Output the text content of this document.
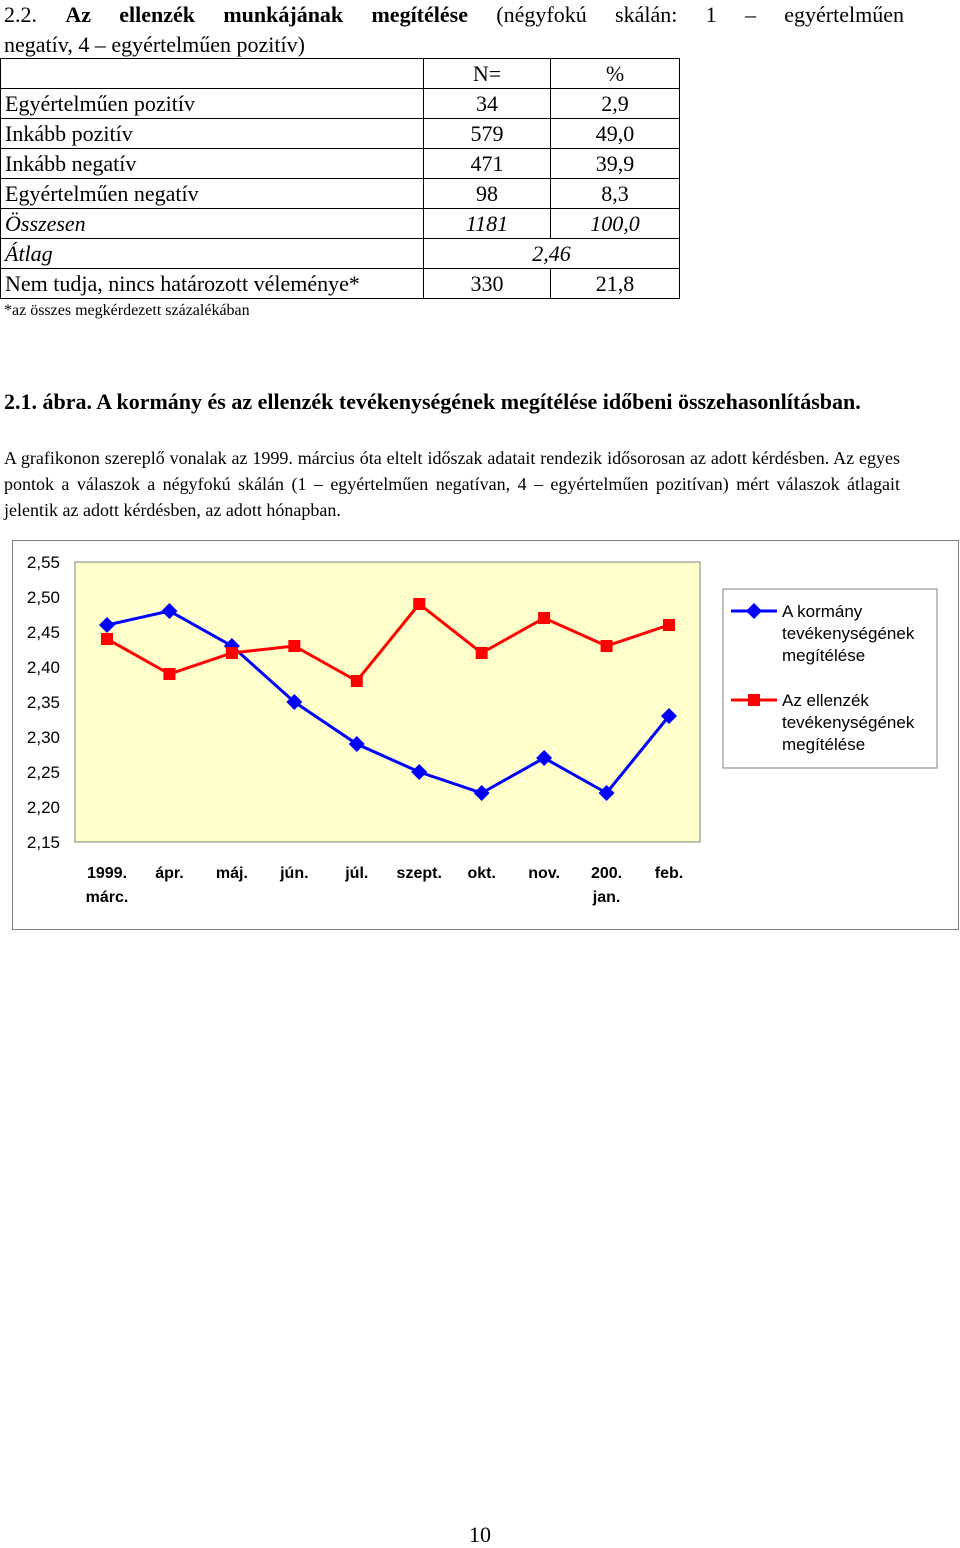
2.2. Az ellenzék munkájának megítélése (négyfokú skálán: 1 – egyértelműen
negatív, 4 – egyértelműen pozitív)
	N=	%
Egyértelműen pozitív	34	2,9
Inkább pozitív	579	49,0
Inkább negatív	471	39,9
Egyértelműen negatív	98	8,3
Összesen	1181	100,0
Átlag	2,46	
Nem tudja, nincs határozott véleménye*	330	21,8
*az összes megkérdezett százalékában
2.1. ábra. A kormány és az ellenzék tevékenységének megítélése időbeni összehasonlításban.
A grafikonon szereplő vonalak az 1999. március óta eltelt időszak adatait rendezik idősorosan az adott kérdésben. Az egyes pontok a válaszok a négyfokú skálán (1 – egyértelműen negatívan, 4 – egyértelműen pozitívan) mért válaszok átlagait jelentik az adott kérdésben, az adott hónapban.
2,55
2,50
2,45
2,40
2,35
2,30
2,25
2,20
2,15
1999.
márc.
ápr. máj. jún. júl. szept. okt. nov. 200.
jan.
feb.
A kormány
tevékenységének
megítélése
Az ellenzék
tevékenységének
megítélése
10
